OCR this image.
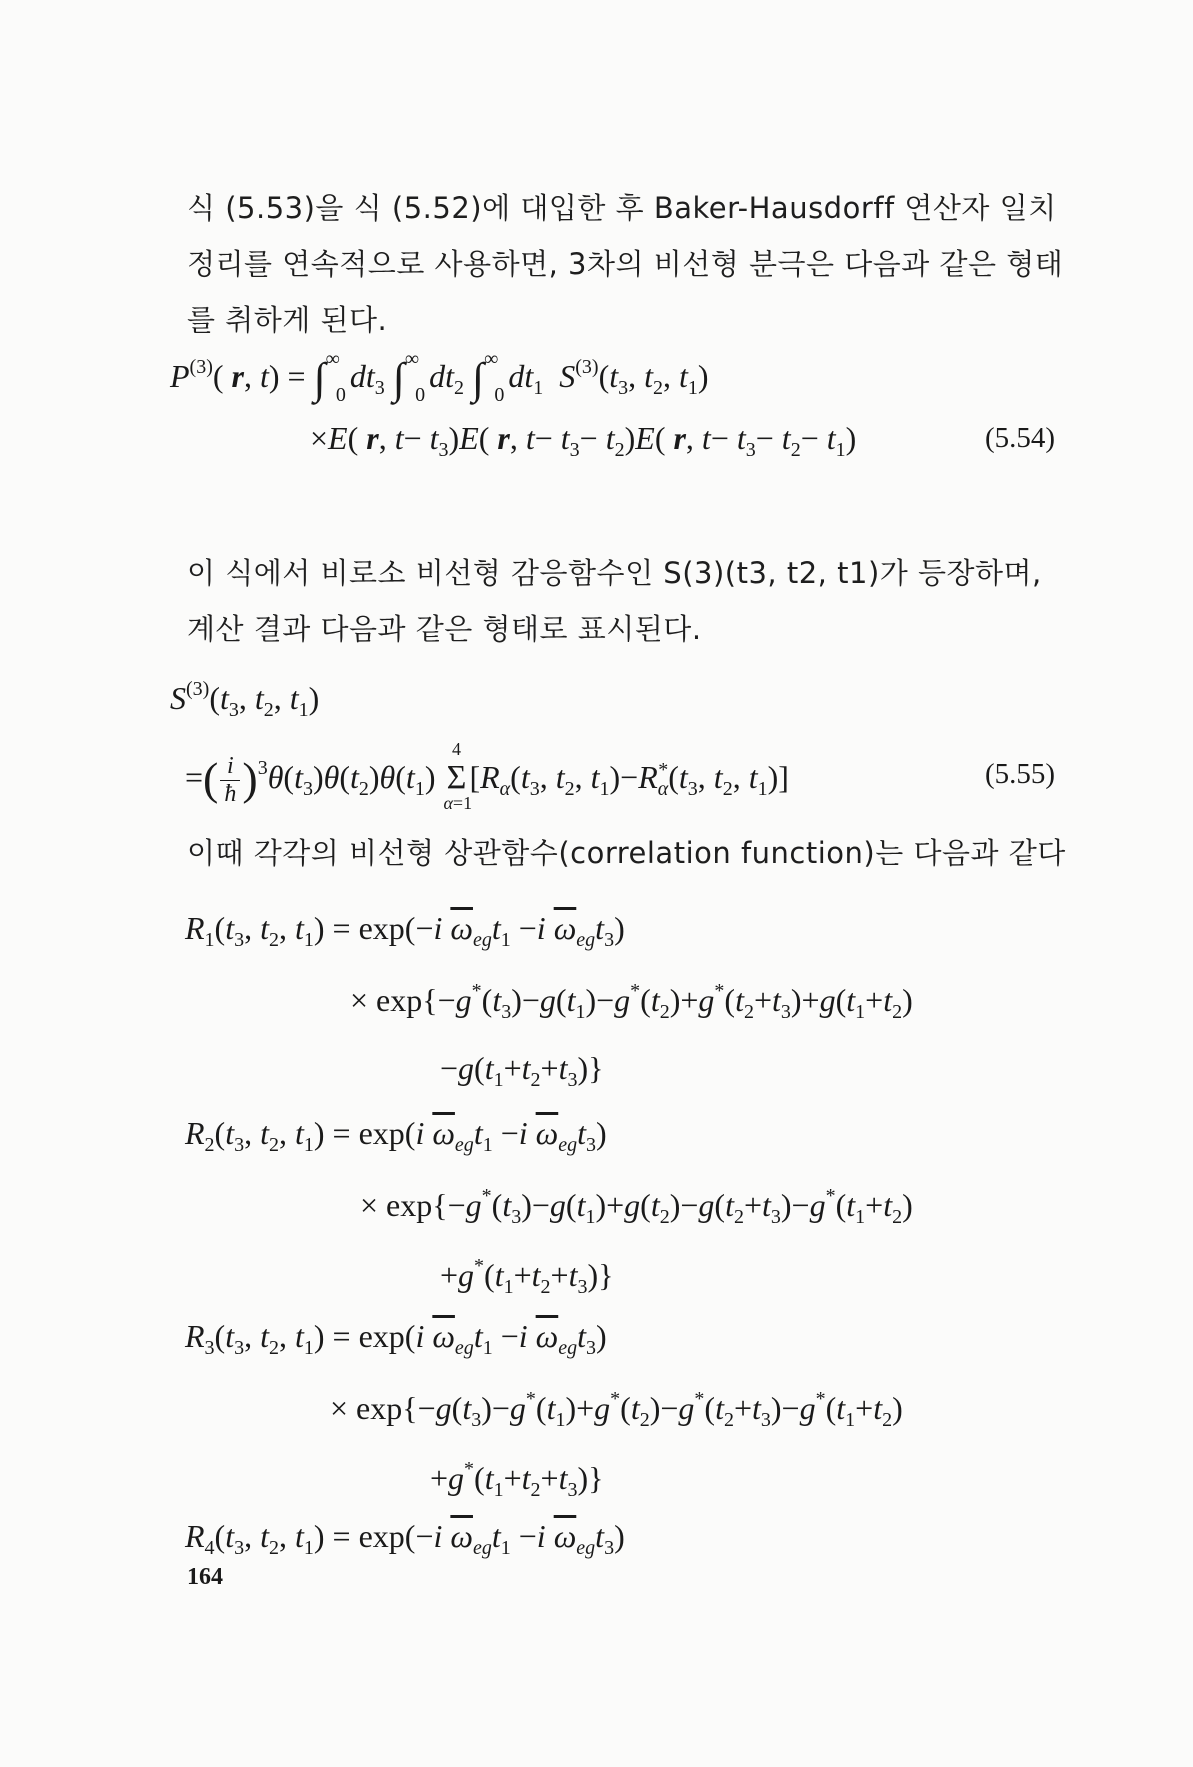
식 (5.53)을 식 (5.52)에 대입한 후 Baker-Hausdorff 연산자 일치 정리를 연속적으로 사용하면, 3차의 비선형 분극은 다음과 같은 형태를 취하게 된다.
$P^{(3)}$( r, $t) = \int^\infty_0dt_3$ $\int^\infty_0dt_2$ $\int^\infty_0dt_1$ $S^{(3)}(t_3$, $t_2$, $t_1$)
×E( r, $t- t_3)E$( r, $t- t_3- t_2)E$( r, $t- t_3- t_2- t_1$)	(5.54)
이 식에서 비로소 비선형 감응함수인 S(3)(t3, t2, t1)가 등장하며, 계산 결과 다음과 같은 형태로 표시된다.
$S^{(3)}(t_3$, $t_2$, $t_1$)
=( $\frac{i}{ħ} )^3\theta(t_3)\theta(t_2)\theta(t_1)$ Σ
4
α=1
[$R_\alpha(t_3$, $t_2$, $t_1)-R_\alpha^*(t_3$, $t_2$, $t_1$)]	(5.55)
이때 각각의 비선형 상관함수(correlation function)는 다음과 같다
$R_1(t_3$, $t_2$, $t_1) = \exp(-i$ $\overline{\omega}_{eg}t_1 -i$ $\overline{\omega}_{eg}t_3$)
× $\exp\{-g^*(t_3)-g(t_1)-g^*(t_2)+g^*(t_2+t_3)+g(t_1+t_2)$
$-g(t_1+t_2+t_3)$}
$R_2(t_3$, $t_2$, $t_1) = \exp(i$ $\overline{\omega}_{eg}t_1 -i$ $\overline{\omega}_{eg}t_3$)
× $\exp\{-g^*(t_3)-g(t_1)+g(t_2)-g(t_2+t_3)-g^*(t_1+t_2)$
$+g^*(t_1+t_2+t_3)$}
$R_3(t_3$, $t_2$, $t_1) = \exp(i$ $\overline{\omega}_{eg}t_1 -i$ $\overline{\omega}_{eg}t_3$)
× $\exp\{-g(t_3)-g^*(t_1)+g^*(t_2)-g^*(t_2+t_3)-g^*(t_1+t_2)$
$+g^*(t_1+t_2+t_3)$}
$R_4(t_3$, $t_2$, $t_1) = \exp(-i$ $\overline{\omega}_{eg}t_1 -i$ $\overline{\omega}_{eg}t_3$)
164
